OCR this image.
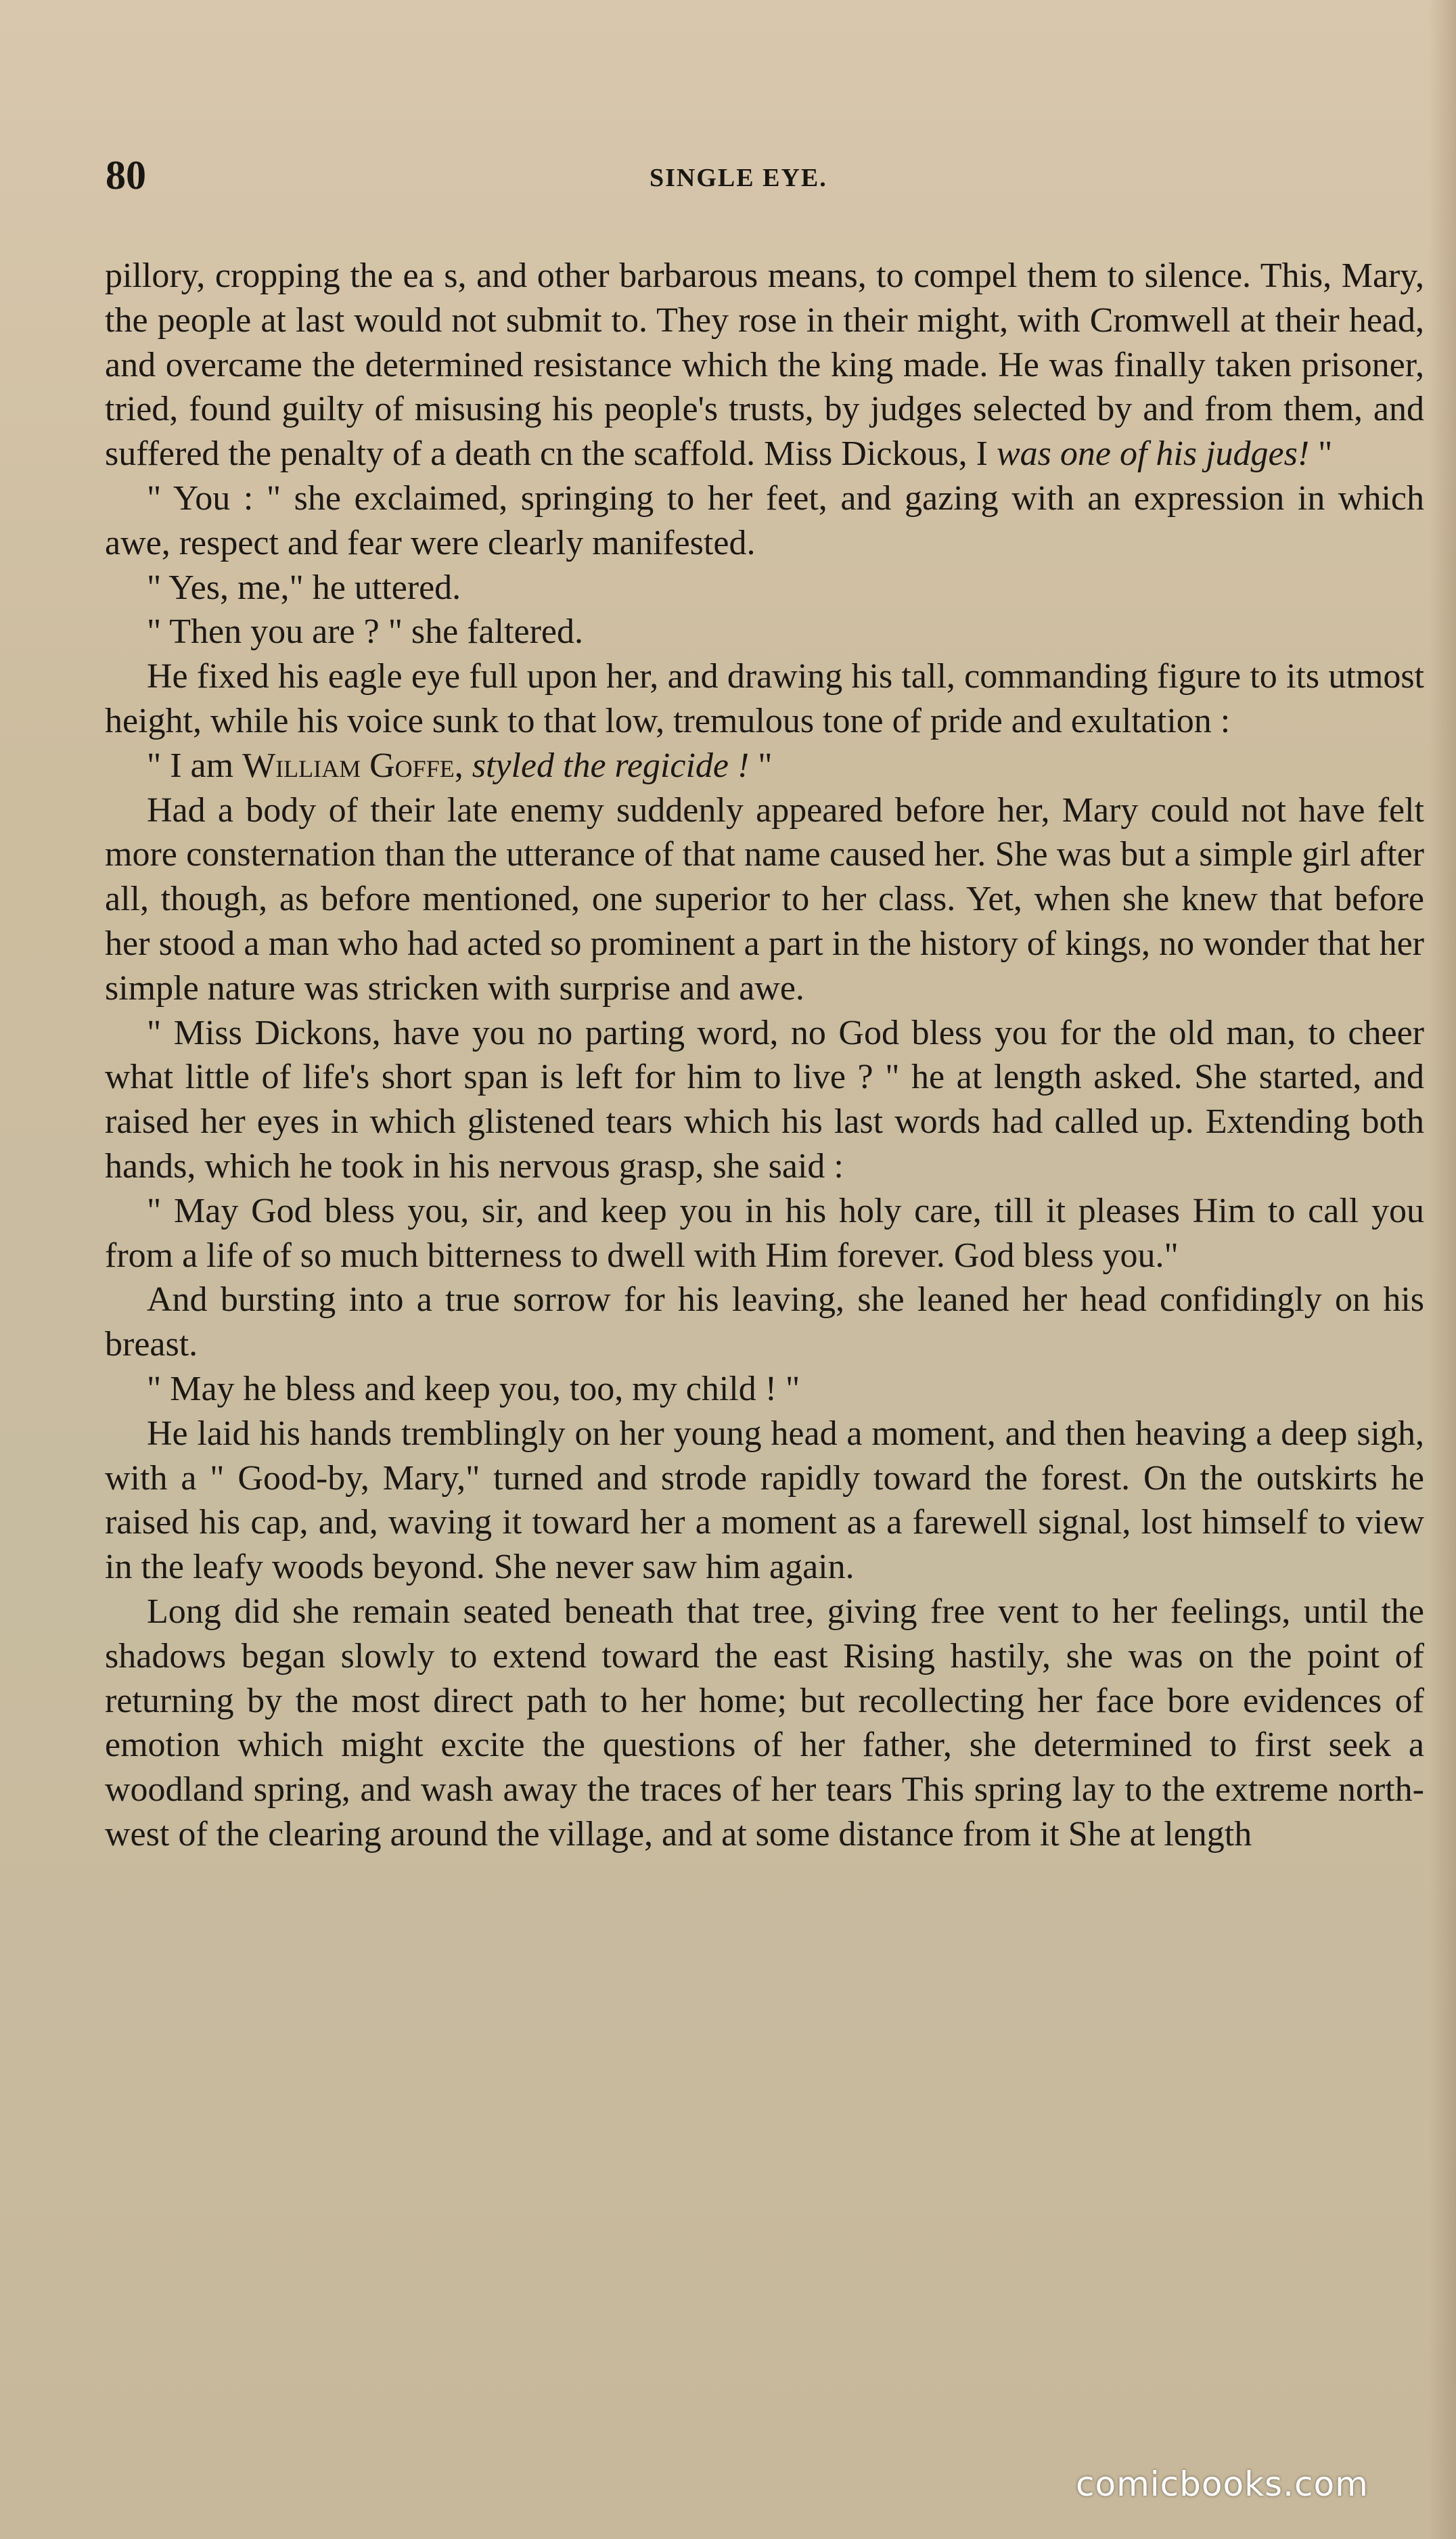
80	SINGLE EYE.

pillory, cropping the ea s, and other barbarous means, to compel them to silence. This, Mary, the people at last would not submit to. They rose in their might, with Cromwell at their head, and overcame the determined resistance which the king made. He was finally taken prisoner, tried, found guilty of misusing his people's trusts, by judges selected by and from them, and suffered the penalty of a death cn the scaffold. Miss Dickous, I was one of his judges! "

" You : " she exclaimed, springing to her feet, and gazing with an expression in which awe, respect and fear were clearly manifested.

" Yes, me," he uttered.

" Then you are ? " she faltered.

He fixed his eagle eye full upon her, and drawing his tall, commanding figure to its utmost height, while his voice sunk to that low, tremulous tone of pride and exultation :

" I am William Goffe, styled the regicide ! "

Had a body of their late enemy suddenly appeared before her, Mary could not have felt more consternation than the utterance of that name caused her. She was but a simple girl after all, though, as before mentioned, one superior to her class. Yet, when she knew that before her stood a man who had acted so prominent a part in the history of kings, no wonder that her simple nature was stricken with surprise and awe.

" Miss Dickons, have you no parting word, no God bless you for the old man, to cheer what little of life's short span is left for him to live ? " he at length asked. She started, and raised her eyes in which glistened tears which his last words had called up. Extending both hands, which he took in his nervous grasp, she said :

" May God bless you, sir, and keep you in his holy care, till it pleases Him to call you from a life of so much bitterness to dwell with Him forever. God bless you."

And bursting into a true sorrow for his leaving, she leaned her head confidingly on his breast.

" May he bless and keep you, too, my child ! "

He laid his hands tremblingly on her young head a moment, and then heaving a deep sigh, with a " Good-by, Mary," turned and strode rapidly toward the forest. On the outskirts he raised his cap, and, waving it toward her a moment as a farewell signal, lost himself to view in the leafy woods beyond. She never saw him again.

Long did she remain seated beneath that tree, giving free vent to her feelings, until the shadows began slowly to extend toward the east Rising hastily, she was on the point of returning by the most direct path to her home; but recollecting her face bore evidences of emotion which might excite the questions of her father, she determined to first seek a woodland spring, and wash away the traces of her tears This spring lay to the extreme north-west of the clearing around the village, and at some distance from it She at length

comicbooks.com
